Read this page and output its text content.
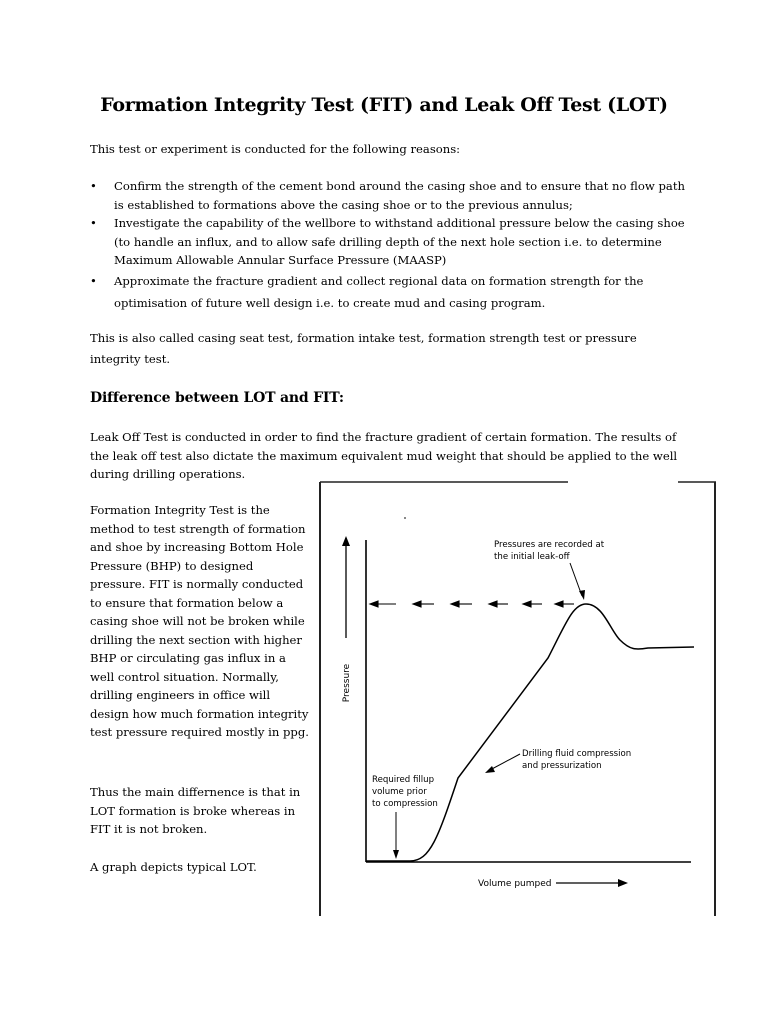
Formation Integrity Test (FIT) and Leak Off Test (LOT)

This test or experiment is conducted for the following reasons:

• Confirm the strength of the cement bond around the casing shoe and to ensure that no flow path is established to formations above the casing shoe or to the previous annulus;
• Investigate the capability of the wellbore to withstand additional pressure below the casing shoe (to handle an influx, and to allow safe drilling depth of the next hole section i.e. to determine Maximum Allowable Annular Surface Pressure (MAASP)
• Approximate the fracture gradient and collect regional data on formation strength for the optimisation of future well design i.e. to create mud and casing program.

This is also called casing seat test, formation intake test, formation strength test or pressure integrity test.

Difference between LOT and FIT:

Leak Off Test is conducted in order to find the fracture gradient of certain formation. The results of the leak off test also dictate the maximum equivalent mud weight that should be applied to the well during drilling operations.

Formation Integrity Test is the method to test strength of formation and shoe by increasing Bottom Hole Pressure (BHP) to designed pressure. FIT is normally conducted to ensure that formation below a casing shoe will not be broken while drilling the next section with higher BHP or circulating gas influx in a well control situation. Normally, drilling engineers in office will design how much formation integrity test pressure required mostly in ppg.

Thus the main differnence is that in LOT formation is broke whereas in FIT it is not broken.

A graph depicts typical LOT.

Pressure
Volume pumped
Pressures are recorded at
the initial leak-off
Drilling fluid compression
and pressurization
Required fillup
volume prior
to compression
